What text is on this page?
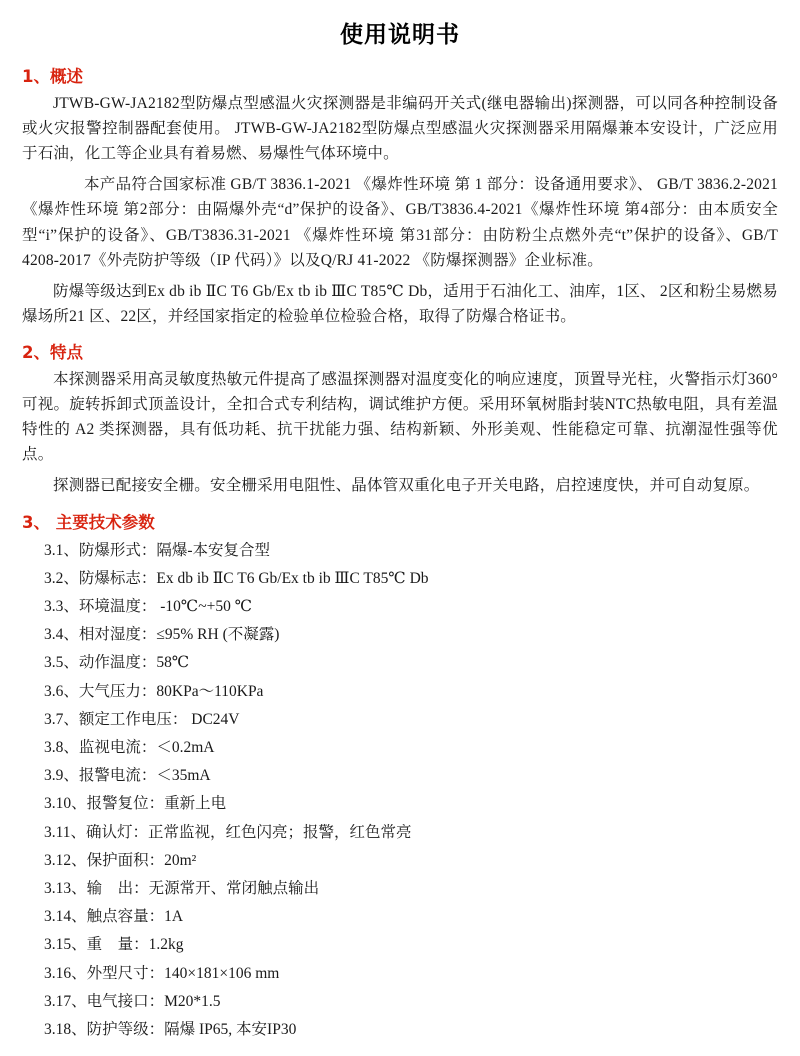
使用说明书
1、概述

JTWB-GW-JA2182型防爆点型感温火灾探测器是非编码开关式(继电器输出)探测器，可以同各种控制设备或火灾报警控制器配套使用。 JTWB-GW-JA2182型防爆点型感温火灾探测器采用隔爆兼本安设计，广泛应用于石油，化工等企业具有着易燃、易爆性气体环境中。

本产品符合国家标准 GB/T 3836.1-2021 《爆炸性环境 第 1 部分：设备通用要求》、 GB/T 3836.2-2021《爆炸性环境 第2部分：由隔爆外壳“d”保护的设备》、GB/T3836.4-2021《爆炸性环境 第4部分：由本质安全型“i”保护的设备》、GB/T3836.31-2021 《爆炸性环境 第31部分：由防粉尘点燃外壳“t”保护的设备》、GB/T 4208-2017《外壳防护等级（IP 代码）》以及Q/RJ 41-2022 《防爆探测器》企业标准。

防爆等级达到Ex db ib ⅡC T6 Gb/Ex tb ib ⅢC T85℃ Db，适用于石油化工、油库，1区、 2区和粉尘易燃易爆场所21 区、22区，并经国家指定的检验单位检验合格，取得了防爆合格证书。

2、特点

本探测器采用高灵敏度热敏元件提高了感温探测器对温度变化的响应速度，顶置导光柱，火警指示灯360°可视。旋转拆卸式顶盖设计，全扣合式专利结构，调试维护方便。采用环氧树脂封装NTC热敏电阻，具有差温特性的 A2 类探测器，具有低功耗、抗干扰能力强、结构新颖、外形美观、性能稳定可靠、抗潮湿性强等优点。

探测器已配接安全栅。安全栅采用电阻性、晶体管双重化电子开关电路，启控速度快，并可自动复原。

3、 主要技术参数
3.1、防爆形式：隔爆-本安复合型
3.2、防爆标志：Ex db ib ⅡC T6 Gb/Ex tb ib ⅢC T85℃ Db
3.3、环境温度： -10℃~+50 ℃
3.4、相对湿度：≤95% RH (不凝露)
3.5、动作温度：58℃
3.6、大气压力：80KPa～110KPa
3.7、额定工作电压： DC24V
3.8、监视电流：＜0.2mA
3.9、报警电流：＜35mA
3.10、报警复位：重新上电
3.11、确认灯：正常监视，红色闪亮；报警，红色常亮
3.12、保护面积：20m²
3.13、输    出：无源常开、常闭触点输出
3.14、触点容量：1A
3.15、重    量：1.2kg
3.16、外型尺寸：140×181×106 mm
3.17、电气接口：M20*1.5
3.18、防护等级：隔爆 IP65, 本安IP30
